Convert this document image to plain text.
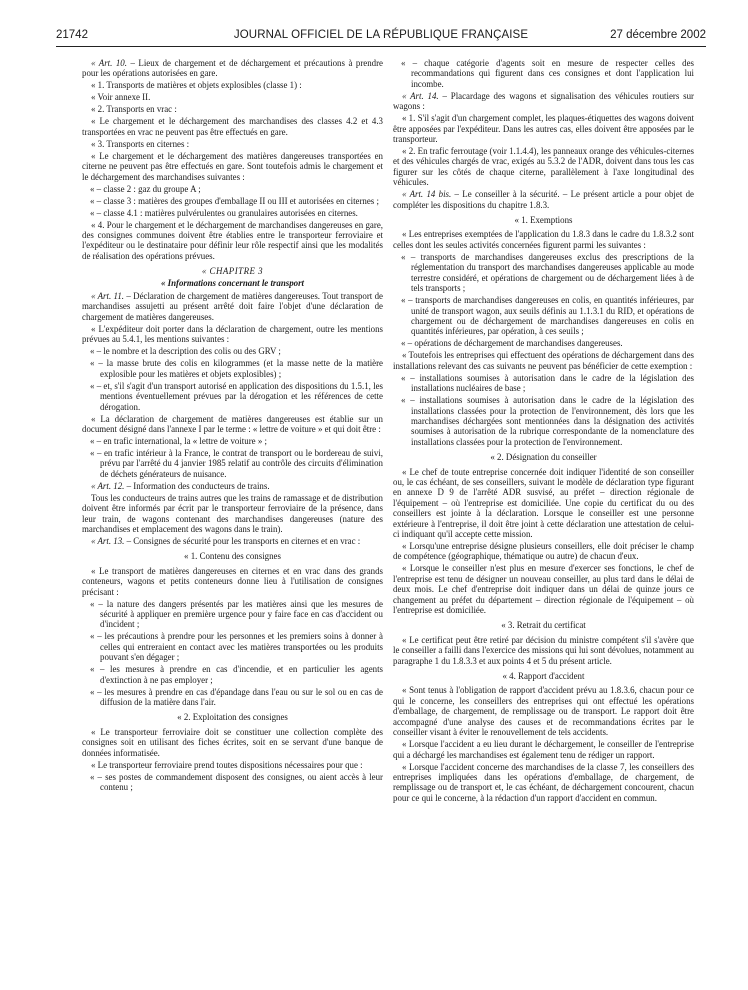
21742	JOURNAL OFFICIEL DE LA RÉPUBLIQUE FRANÇAISE	27 décembre 2002

« Art. 10. – Lieux de chargement et de déchargement et précautions à prendre pour les opérations autorisées en gare.

« 1. Transports de matières et objets explosibles (classe 1) :

« Voir annexe II.

« 2. Transports en vrac :

« Le chargement et le déchargement des marchandises des classes 4.2 et 4.3 transportées en vrac ne peuvent pas être effectués en gare.

« 3. Transports en citernes :

« Le chargement et le déchargement des matières dangereuses transportées en citerne ne peuvent pas être effectués en gare. Sont toutefois admis le chargement et le déchargement des marchandises suivantes :

« – classe 2 : gaz du groupe A ;

« – classe 3 : matières des groupes d'emballage II ou III et autorisées en citernes ;

« – classe 4.1 : matières pulvérulentes ou granulaires autorisées en citernes.

« 4. Pour le chargement et le déchargement de marchandises dangereuses en gare, des consignes communes doivent être établies entre le transporteur ferroviaire et l'expéditeur ou le destinataire pour définir leur rôle respectif ainsi que les modalités de réalisation des opérations prévues.

« CHAPITRE 3

« Informations concernant le transport

« Art. 11. – Déclaration de chargement de matières dangereuses. Tout transport de marchandises assujetti au présent arrêté doit faire l'objet d'une déclaration de chargement de matières dangereuses.

« L'expéditeur doit porter dans la déclaration de chargement, outre les mentions prévues au 5.4.1, les mentions suivantes :

« – le nombre et la description des colis ou des GRV ;

« – la masse brute des colis en kilogrammes (et la masse nette de la matière explosible pour les matières et objets explosibles) ;

« – et, s'il s'agit d'un transport autorisé en application des dispositions du 1.5.1, les mentions éventuellement prévues par la dérogation et les références de cette dérogation.

« La déclaration de chargement de matières dangereuses est établie sur un document désigné dans l'annexe I par le terme : « lettre de voiture » et qui doit être :

« – en trafic international, la « lettre de voiture » ;

« – en trafic intérieur à la France, le contrat de transport ou le bordereau de suivi, prévu par l'arrêté du 4 janvier 1985 relatif au contrôle des circuits d'élimination de déchets générateurs de nuisance.

« Art. 12. – Information des conducteurs de trains.

Tous les conducteurs de trains autres que les trains de ramassage et de distribution doivent être informés par écrit par le transporteur ferroviaire de la présence, dans leur train, de wagons contenant des marchandises dangereuses (nature des marchandises et emplacement des wagons dans le train).

« Art. 13. – Consignes de sécurité pour les transports en citernes et en vrac :

« 1. Contenu des consignes

« Le transport de matières dangereuses en citernes et en vrac dans des grands conteneurs, wagons et petits conteneurs donne lieu à l'utilisation de consignes précisant :

« – la nature des dangers présentés par les matières ainsi que les mesures de sécurité à appliquer en première urgence pour y faire face en cas d'accident ou d'incident ;

« – les précautions à prendre pour les personnes et les premiers soins à donner à celles qui entreraient en contact avec les matières transportées ou les produits pouvant s'en dégager ;

« – les mesures à prendre en cas d'incendie, et en particulier les agents d'extinction à ne pas employer ;

« – les mesures à prendre en cas d'épandage dans l'eau ou sur le sol ou en cas de diffusion de la matière dans l'air.

« 2. Exploitation des consignes

« Le transporteur ferroviaire doit se constituer une collection complète des consignes soit en utilisant des fiches écrites, soit en se servant d'une banque de données informatisée.

« Le transporteur ferroviaire prend toutes dispositions nécessaires pour que :

« – ses postes de commandement disposent des consignes, ou aient accès à leur contenu ;

« – chaque catégorie d'agents soit en mesure de respecter celles des recommandations qui figurent dans ces consignes et dont l'application lui incombe.

« Art. 14. – Placardage des wagons et signalisation des véhicules routiers sur wagons :

« 1. S'il s'agit d'un chargement complet, les plaques-étiquettes des wagons doivent être apposées par l'expéditeur. Dans les autres cas, elles doivent être apposées par le transporteur.

« 2. En trafic ferroutage (voir 1.1.4.4), les panneaux orange des véhicules-citernes et des véhicules chargés de vrac, exigés au 5.3.2 de l'ADR, doivent dans tous les cas figurer sur les côtés de chaque citerne, parallèlement à l'axe longitudinal des véhicules.

« Art. 14 bis. – Le conseiller à la sécurité. – Le présent article a pour objet de compléter les dispositions du chapitre 1.8.3.

« 1. Exemptions

« Les entreprises exemptées de l'application du 1.8.3 dans le cadre du 1.8.3.2 sont celles dont les seules activités concernées figurent parmi les suivantes :

« – transports de marchandises dangereuses exclus des prescriptions de la réglementation du transport des marchandises dangereuses applicable au mode terrestre considéré, et opérations de chargement ou de déchargement liées à de tels transports ;

« – transports de marchandises dangereuses en colis, en quantités inférieures, par unité de transport wagon, aux seuils définis au 1.1.3.1 du RID, et opérations de chargement ou de déchargement de marchandises dangereuses en colis en quantités inférieures, par opération, à ces seuils ;

« – opérations de déchargement de marchandises dangereuses.

« Toutefois les entreprises qui effectuent des opérations de déchargement dans des installations relevant des cas suivants ne peuvent pas bénéficier de cette exemption :

« – installations soumises à autorisation dans le cadre de la législation des installations nucléaires de base ;

« – installations soumises à autorisation dans le cadre de la législation des installations classées pour la protection de l'environnement, dès lors que les marchandises déchargées sont mentionnées dans la désignation des activités soumises à autorisation de la rubrique correspondante de la nomenclature des installations classées pour la protection de l'environnement.

« 2. Désignation du conseiller

« Le chef de toute entreprise concernée doit indiquer l'identité de son conseiller ou, le cas échéant, de ses conseillers, suivant le modèle de déclaration type figurant en annexe D 9 de l'arrêté ADR susvisé, au préfet – direction régionale de l'équipement – où l'entreprise est domiciliée. Une copie du certificat du ou des conseillers est jointe à la déclaration. Lorsque le conseiller est une personne extérieure à l'entreprise, il doit être joint à cette déclaration une attestation de celui-ci indiquant qu'il accepte cette mission.

« Lorsqu'une entreprise désigne plusieurs conseillers, elle doit préciser le champ de compétence (géographique, thématique ou autre) de chacun d'eux.

« Lorsque le conseiller n'est plus en mesure d'exercer ses fonctions, le chef de l'entreprise est tenu de désigner un nouveau conseiller, au plus tard dans le délai de deux mois. Le chef d'entreprise doit indiquer dans un délai de quinze jours ce changement au préfet du département – direction régionale de l'équipement – où l'entreprise est domiciliée.

« 3. Retrait du certificat

« Le certificat peut être retiré par décision du ministre compétent s'il s'avère que le conseiller a failli dans l'exercice des missions qui lui sont dévolues, notamment au paragraphe 1 du 1.8.3.3 et aux points 4 et 5 du présent article.

« 4. Rapport d'accident

« Sont tenus à l'obligation de rapport d'accident prévu au 1.8.3.6, chacun pour ce qui le concerne, les conseillers des entreprises qui ont effectué les opérations d'emballage, de chargement, de remplissage ou de transport. Le rapport doit être accompagné d'une analyse des causes et de recommandations écrites par le conseiller visant à éviter le renouvellement de tels accidents.

« Lorsque l'accident a eu lieu durant le déchargement, le conseiller de l'entreprise qui a déchargé les marchandises est également tenu de rédiger un rapport.

« Lorsque l'accident concerne des marchandises de la classe 7, les conseillers des entreprises impliquées dans les opérations d'emballage, de chargement, de remplissage ou de transport et, le cas échéant, de déchargement concourent, chacun pour ce qui le concerne, à la rédaction d'un rapport d'accident en commun.
